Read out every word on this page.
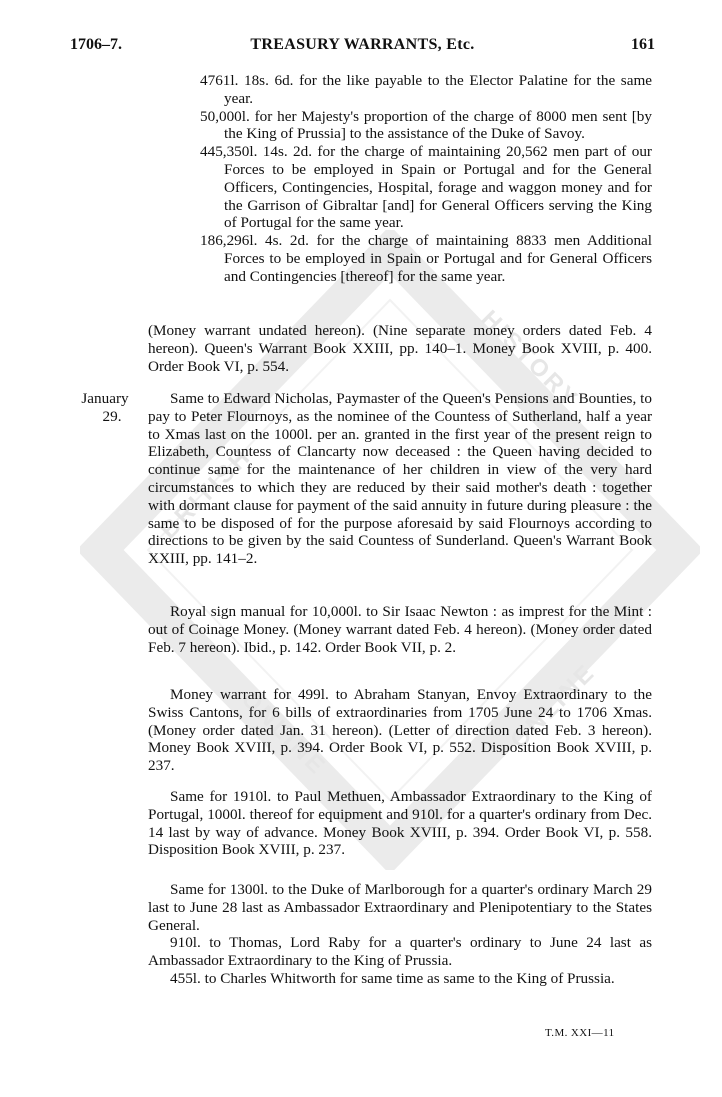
BRITISH
HISTORY
ONLINE
ONLINE
1706–7.	TREASURY WARRANTS, Etc.	161

4761l. 18s. 6d. for the like payable to the Elector Palatine for the same year.

50,000l. for her Majesty's proportion of the charge of 8000 men sent [by the King of Prussia] to the assistance of the Duke of Savoy.

445,350l. 14s. 2d. for the charge of maintaining 20,562 men part of our Forces to be employed in Spain or Portugal and for the General Officers, Contingencies, Hospital, forage and waggon money and for the Garrison of Gibraltar [and] for General Officers serving the King of Portugal for the same year.

186,296l. 4s. 2d. for the charge of maintaining 8833 men Additional Forces to be employed in Spain or Portugal and for General Officers and Contingencies [thereof] for the same year.

(Money warrant undated hereon). (Nine separate money orders dated Feb. 4 hereon). Queen's Warrant Book XXIII, pp. 140–1. Money Book XVIII, p. 400. Order Book VI, p. 554.

January
29.

Same to Edward Nicholas, Paymaster of the Queen's Pensions and Bounties, to pay to Peter Flournoys, as the nominee of the Countess of Sutherland, half a year to Xmas last on the 1000l. per an. granted in the first year of the present reign to Elizabeth, Countess of Clancarty now deceased : the Queen having decided to continue same for the maintenance of her children in view of the very hard circumstances to which they are reduced by their said mother's death : together with dormant clause for payment of the said annuity in future during pleasure : the same to be disposed of for the purpose aforesaid by said Flournoys according to directions to be given by the said Countess of Sunderland. Queen's Warrant Book XXIII, pp. 141–2.

Royal sign manual for 10,000l. to Sir Isaac Newton : as imprest for the Mint : out of Coinage Money. (Money warrant dated Feb. 4 hereon). (Money order dated Feb. 7 hereon). Ibid., p. 142. Order Book VII, p. 2.

Money warrant for 499l. to Abraham Stanyan, Envoy Extraordinary to the Swiss Cantons, for 6 bills of extraordinaries from 1705 June 24 to 1706 Xmas. (Money order dated Jan. 31 hereon). (Letter of direction dated Feb. 3 hereon). Money Book XVIII, p. 394. Order Book VI, p. 552. Disposition Book XVIII, p. 237.

Same for 1910l. to Paul Methuen, Ambassador Extraordinary to the King of Portugal, 1000l. thereof for equipment and 910l. for a quarter's ordinary from Dec. 14 last by way of advance. Money Book XVIII, p. 394. Order Book VI, p. 558. Disposition Book XVIII, p. 237.

Same for 1300l. to the Duke of Marlborough for a quarter's ordinary March 29 last to June 28 last as Ambassador Extraordinary and Plenipotentiary to the States General.

910l. to Thomas, Lord Raby for a quarter's ordinary to June 24 last as Ambassador Extraordinary to the King of Prussia.

455l. to Charles Whitworth for same time as same to the King of Prussia.

T.M. XXI—11
